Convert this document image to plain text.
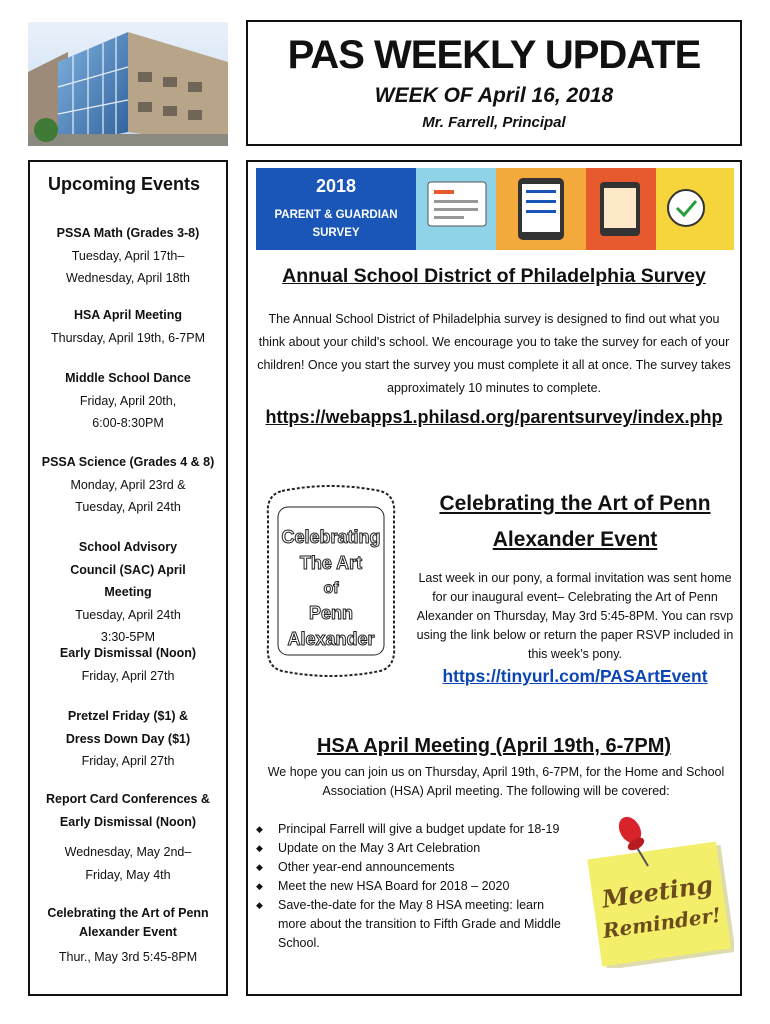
PAS WEEKLY UPDATE
WEEK OF April 16, 2018
Mr. Farrell, Principal
Upcoming Events
PSSA Math (Grades 3-8)
Tuesday, April 17th–
Wednesday, April 18th
HSA April Meeting
Thursday, April 19th, 6-7PM
Middle School Dance
Friday, April 20th,
6:00-8:30PM
PSSA Science (Grades 4 & 8)
Monday, April 23rd &
Tuesday, April 24th
School Advisory Council (SAC) April Meeting
Tuesday, April 24th
3:30-5PM
Early Dismissal (Noon)
Friday, April 27th
Pretzel Friday ($1) & Dress Down Day ($1)
Friday, April 27th
Report Card Conferences & Early Dismissal (Noon)
Wednesday, May 2nd–
Friday, May 4th
Celebrating the Art of Penn Alexander Event
Thur., May 3rd 5:45-8PM
2018
PARENT & GUARDIAN
SURVEY
Annual School District of Philadelphia Survey
The Annual School District of Philadelphia survey is designed to find out what you think about your child's school. We encourage you to take the survey for each of your children! Once you start the survey you must complete it all at once. The survey takes approximately 10 minutes to complete.
https://webapps1.philasd.org/parentsurvey/index.php
Celebrating
The Art
of
Penn
Alexander
Celebrating the Art of Penn
Alexander Event
Last week in our pony, a formal invitation was sent home for our inaugural event– Celebrating the Art of Penn Alexander on Thursday, May 3rd 5:45-8PM. You can rsvp using the link below or return the paper RSVP included in this week’s pony.
https://tinyurl.com/PASArtEvent
HSA April Meeting (April 19th, 6-7PM)
We hope you can join us on Thursday, April 19th, 6-7PM, for the Home and School Association (HSA) April meeting. The following will be covered:
◆ Principal Farrell will give a budget update for 18-19
◆ Update on the May 3 Art Celebration
◆ Other year-end announcements
◆ Meet the new HSA Board for 2018 – 2020
◆ Save-the-date for the May 8 HSA meeting: learn more about the transition to Fifth Grade and Middle School.
Meeting
Reminder!
